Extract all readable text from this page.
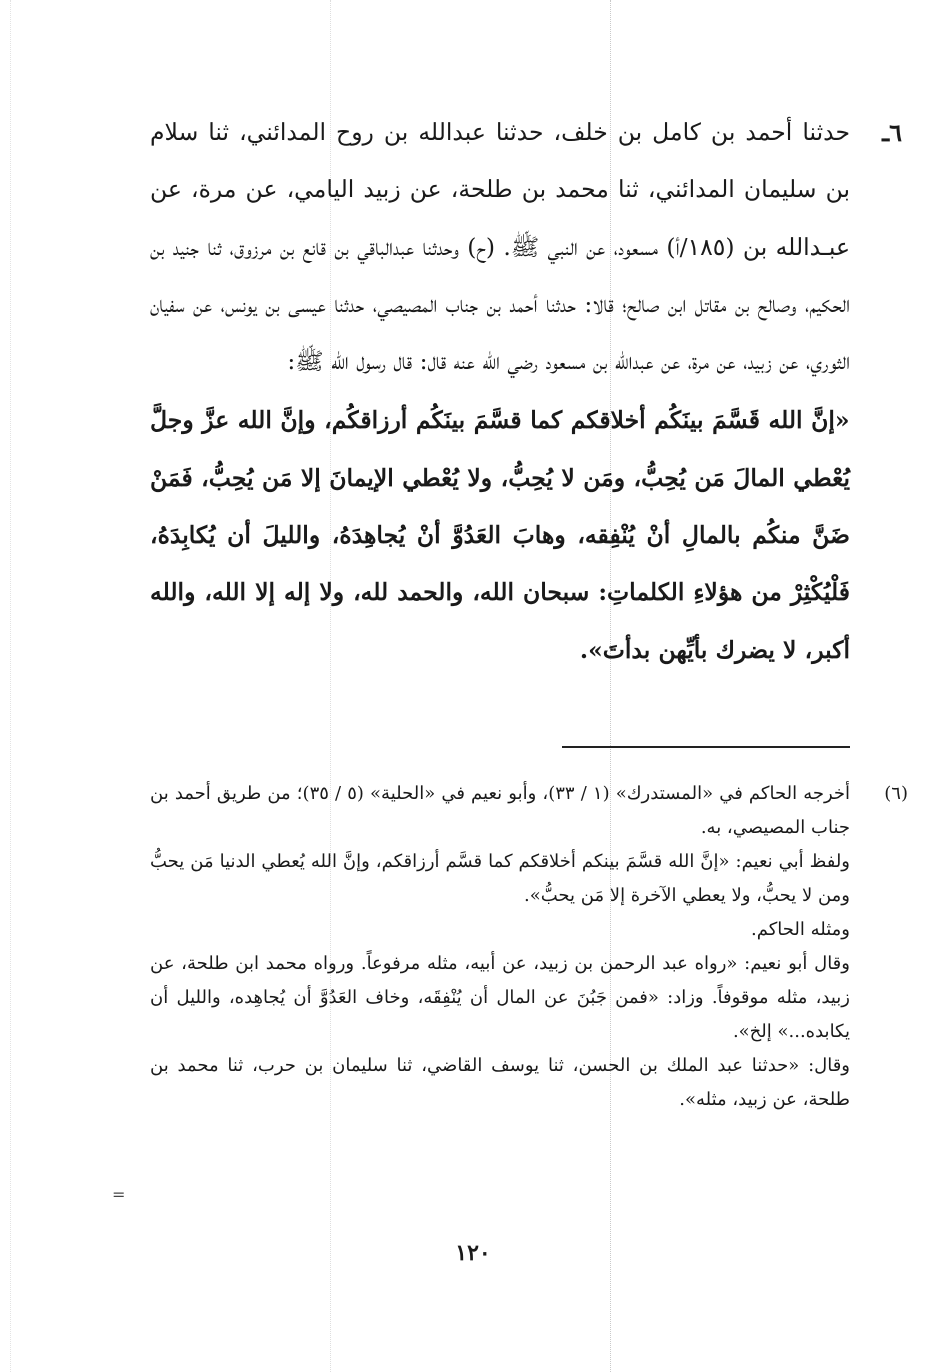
٦ـ

حدثنا أحمد بن كامل بن خلف، حدثنا عبدالله بن روح المدائني، ثنا سلام بن سليمان المدائني، ثنا محمد بن طلحة، عن زبيد اليامي، عن مرة، عن عبـدالله بن (١٨٥/أ) مسعود، عن النبي ﷺ. (ح) وحدثنا عبدالباقي بن قانع بن مرزوق، ثنا جنيد بن الحكيم، وصالح بن مقاتل ابن صالح؛ قالا: حدثنا أحمد بن جناب المصيصي، حدثنا عيسى بن يونس، عن سفيان الثوري، عن زبيد، عن مرة، عن عبدالله بن مسعود رضي الله عنه قال: قال رسول الله ﷺ:

«إنَّ الله قَسَّمَ بينَكُم أخلاقكم كما قسَّمَ بينَكُم أرزاقكُم، وإنَّ الله عزَّ وجلَّ يُعْطي المالَ مَن يُحِبُّ، ومَن لا يُحِبُّ، ولا يُعْطي الإيمانَ إلا مَن يُحِبُّ، فَمَنْ ضَنَّ منكُم بالمالِ أنْ يُنْفِقه، وهابَ العَدُوَّ أنْ يُجاهِدَهُ، والليلَ أن يُكابِدَهُ، فَلْيُكْثِرْ من هؤلاءِ الكلماتِ: سبحان الله، والحمد لله، ولا إله إلا الله، والله أكبر، لا يضرك بأيِّهن بدأتَ».

(٦)

أخرجه الحاكم في «المستدرك» (١ / ٣٣)، وأبو نعيم في «الحلية» (٥ / ٣٥)؛ من طريق أحمد بن جناب المصيصي، به.

ولفظ أبي نعيم: «إنَّ الله قسَّمَ بينكم أخلاقكم كما قسَّم أرزاقكم، وإنَّ الله يُعطي الدنيا مَن يحبُّ ومن لا يحبُّ، ولا يعطي الآخرة إلا مَن يحبُّ».

ومثله الحاكم.

وقال أبو نعيم: «رواه عبد الرحمن بن زبيد، عن أبيه، مثله مرفوعاً. ورواه محمد ابن طلحة، عن زبيد، مثله موقوفاً. وزاد: «فمن جَبُنَ عن المال أن يُنْفِقَه، وخاف العَدُوَّ أن يُجاهِده، والليل أن يكابده...» إلخ».

وقال: «حدثنا عبد الملك بن الحسن، ثنا يوسف القاضي، ثنا سليمان بن حرب، ثنا محمد بن طلحة، عن زبيد، مثله».

=
١٢٠
